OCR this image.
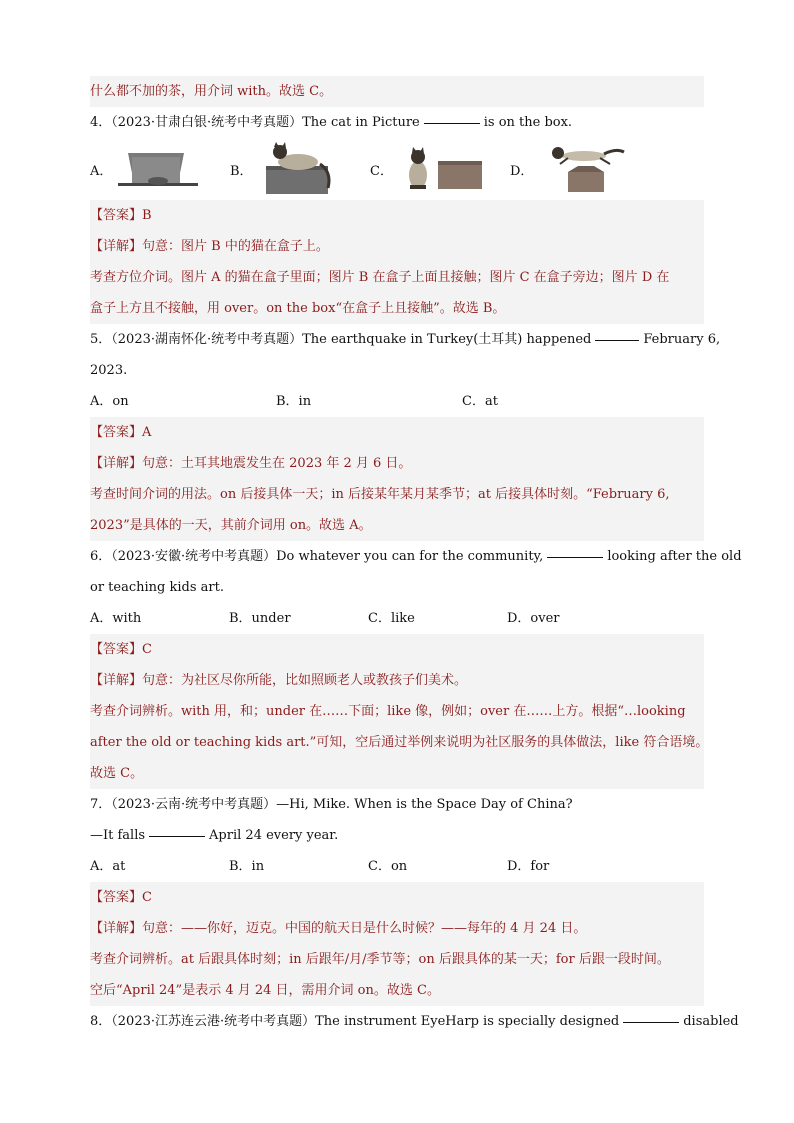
什么都不加的茶，用介词 with。故选 C。
4．（2023·甘肃白银·统考中考真题）The cat in Picture	is on the box.
A．	B．	C．	D．
【答案】B
【详解】句意：图片 B 中的猫在盒子上。
考查方位介词。图片 A 的猫在盒子里面；图片 B 在盒子上面且接触；图片 C 在盒子旁边；图片 D 在
盒子上方且不接触，用 over。on the box“在盒子上且接触”。故选 B。
5．（2023·湖南怀化·统考中考真题）The earthquake in Turkey(土耳其) happened	February 6,
2023.
A．on	B．in	C．at
【答案】A
【详解】句意：土耳其地震发生在 2023 年 2 月 6 日。
考查时间介词的用法。on 后接具体一天；in 后接某年某月某季节；at 后接具体时刻。“February 6,
2023”是具体的一天，其前介词用 on。故选 A。
6．（2023·安徽·统考中考真题）Do whatever you can for the community,	looking after the old
or teaching kids art.
A．with	B．under	C．like	D．over
【答案】C
【详解】句意：为社区尽你所能，比如照顾老人或教孩子们美术。
考查介词辨析。with 用，和；under 在……下面；like 像，例如；over 在……上方。根据“…looking
after the old or teaching kids art.”可知，空后通过举例来说明为社区服务的具体做法，like 符合语境。
故选 C。
7．（2023·云南·统考中考真题）—Hi, Mike. When is the Space Day of China?
—It falls	April 24 every year.
A．at	B．in	C．on	D．for
【答案】C
【详解】句意：——你好，迈克。中国的航天日是什么时候？——每年的 4 月 24 日。
考查介词辨析。at 后跟具体时刻；in 后跟年/月/季节等；on 后跟具体的某一天；for 后跟一段时间。
空后“April 24”是表示 4 月 24 日，需用介词 on。故选 C。
8．（2023·江苏连云港·统考中考真题）The instrument EyeHarp is specially designed	disabled
